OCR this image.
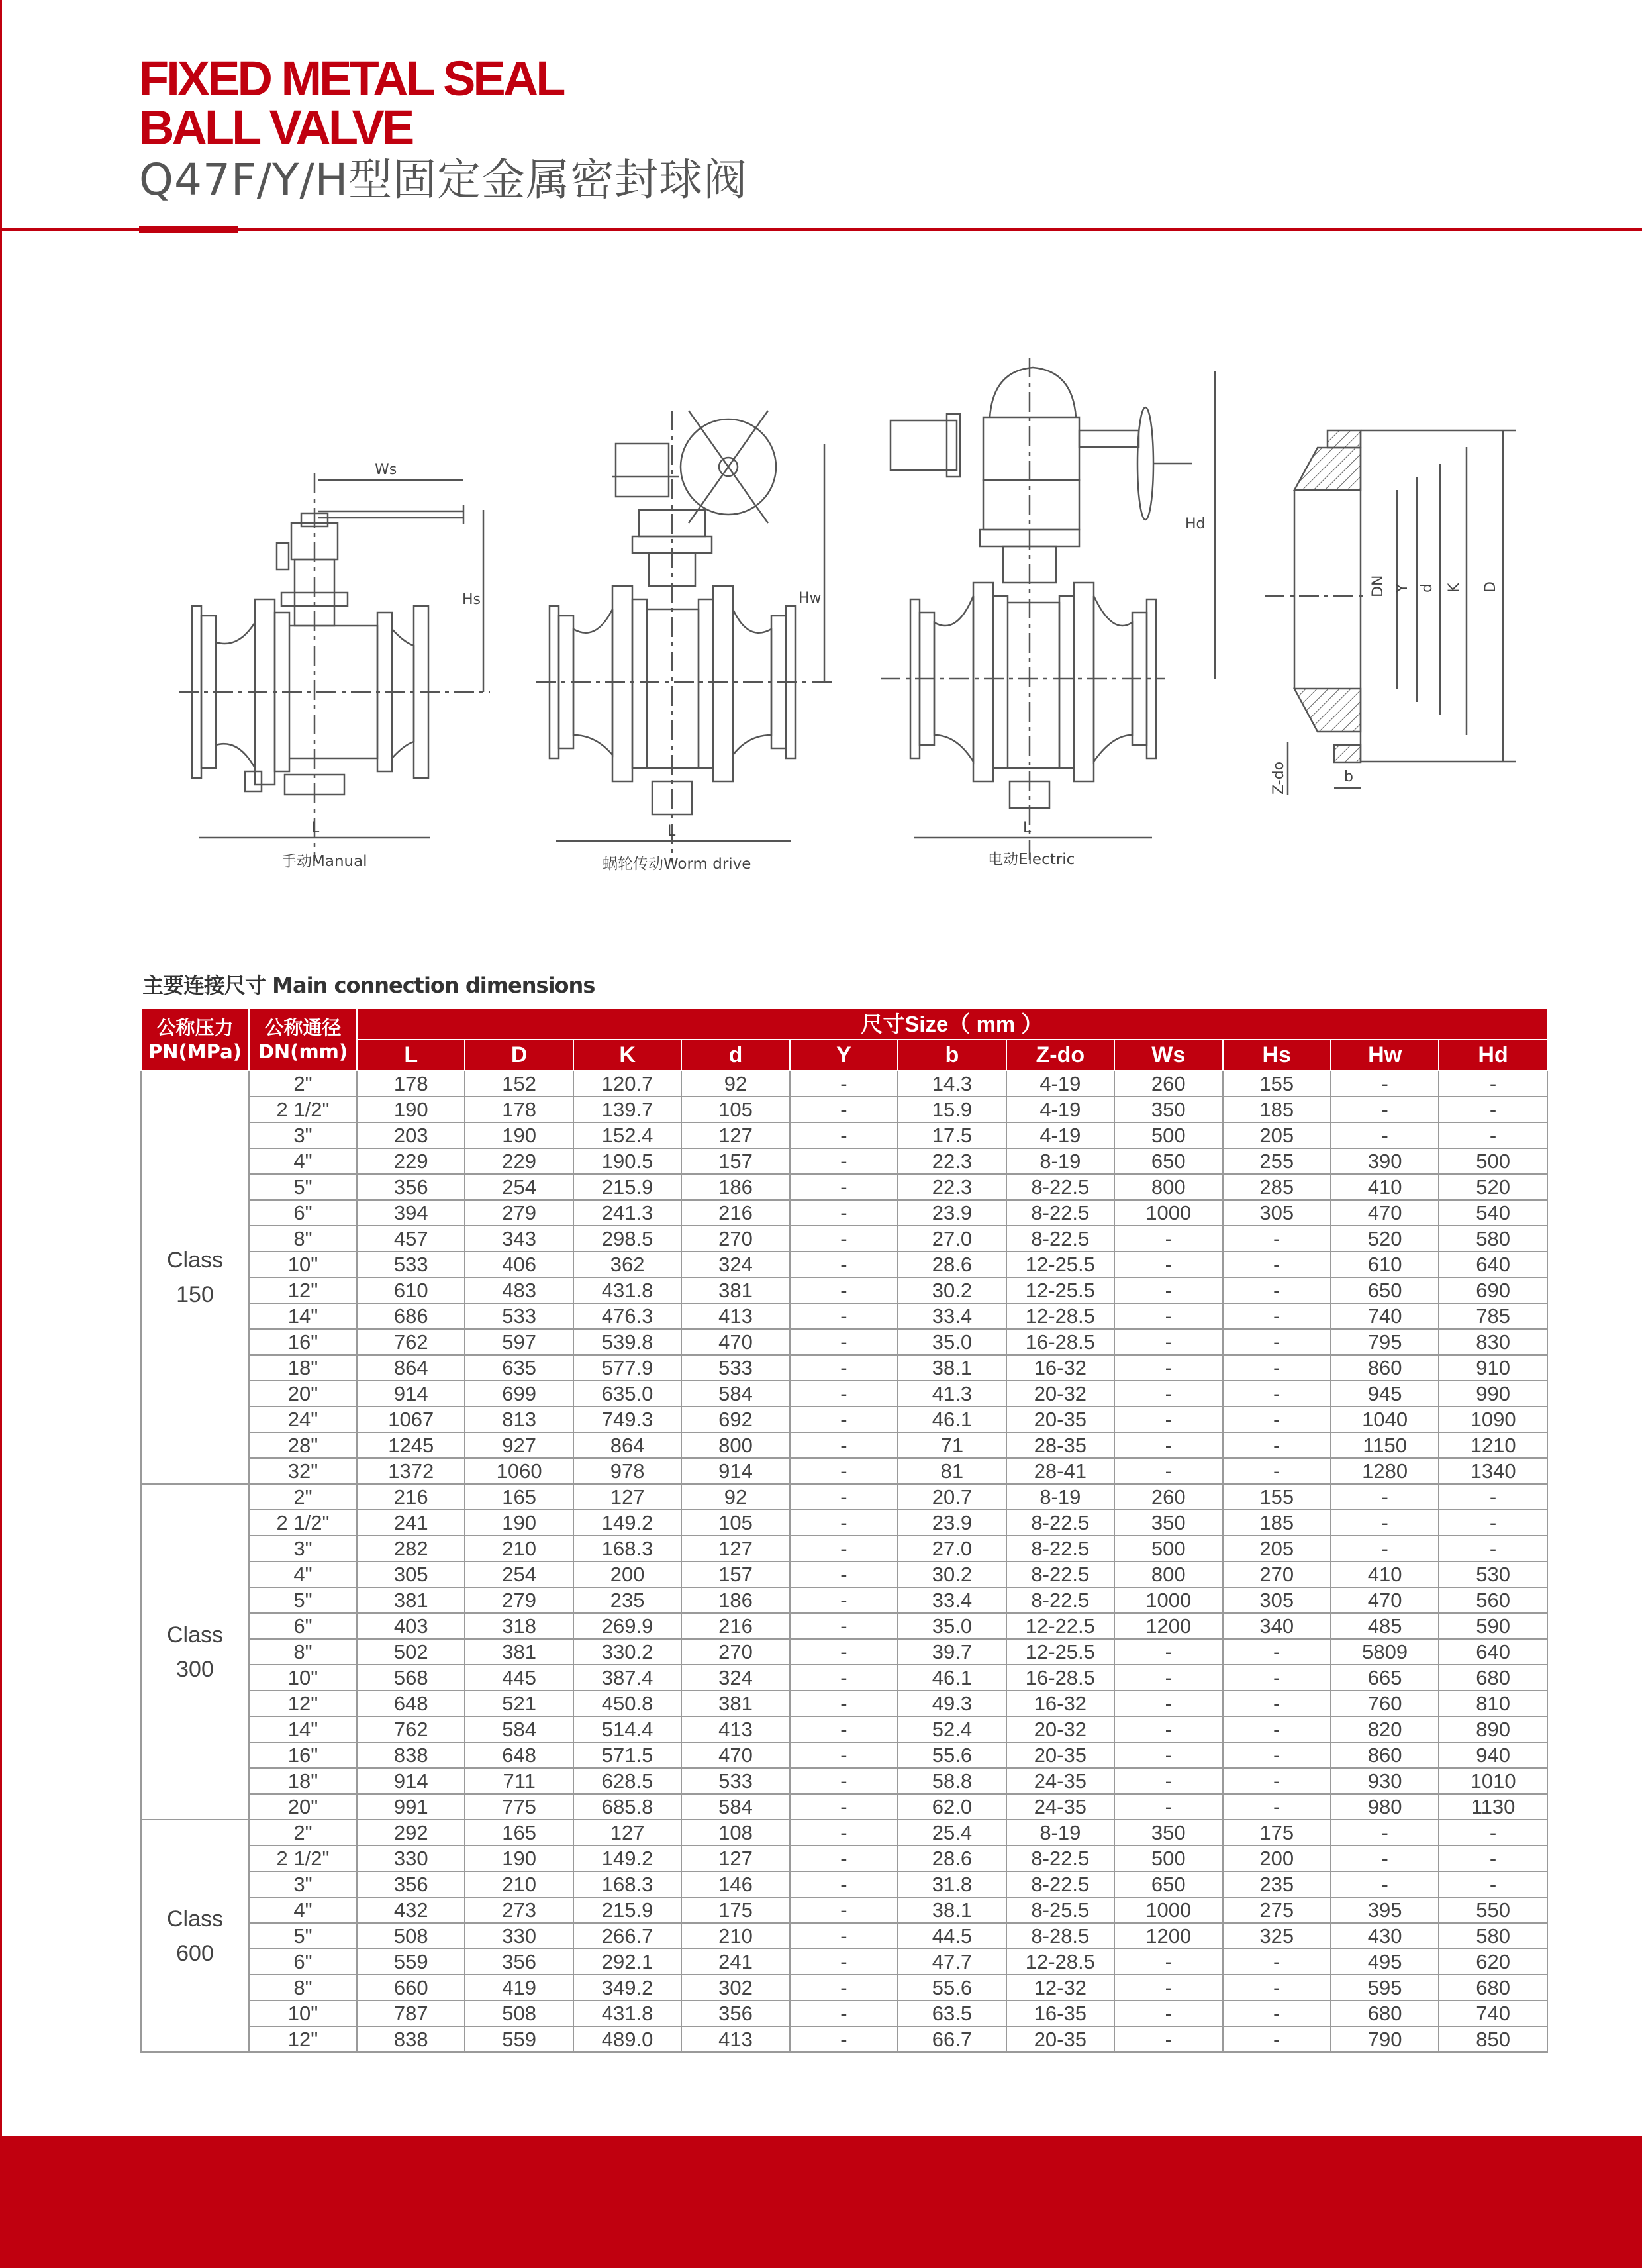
FIXED METAL SEAL
BALL VALVE
Q47F/Y/H型固定金属密封球阀
Ws
Hs
L
Hw
L
Hd
L
DN Y d K D
Z-do	b
手动Manual	蜗轮传动Worm drive	电动Electric
主要连接尺寸 Main connection dimensions
公称压力
PN(MPa)	公称通径
DN(mm)	尺寸Size（ mm ）										
		L	D	K	d	Y	b	Z-do	Ws	Hs	Hw	Hd
Class
150	2"	178	152	120.7	92	-	14.3	4-19	260	155	-	-
	2 1/2"	190	178	139.7	105	-	15.9	4-19	350	185	-	-
	3"	203	190	152.4	127	-	17.5	4-19	500	205	-	-
	4"	229	229	190.5	157	-	22.3	8-19	650	255	390	500
	5"	356	254	215.9	186	-	22.3	8-22.5	800	285	410	520
	6"	394	279	241.3	216	-	23.9	8-22.5	1000	305	470	540
	8"	457	343	298.5	270	-	27.0	8-22.5	-	-	520	580
	10"	533	406	362	324	-	28.6	12-25.5	-	-	610	640
	12"	610	483	431.8	381	-	30.2	12-25.5	-	-	650	690
	14"	686	533	476.3	413	-	33.4	12-28.5	-	-	740	785
	16"	762	597	539.8	470	-	35.0	16-28.5	-	-	795	830
	18"	864	635	577.9	533	-	38.1	16-32	-	-	860	910
	20"	914	699	635.0	584	-	41.3	20-32	-	-	945	990
	24"	1067	813	749.3	692	-	46.1	20-35	-	-	1040	1090
	28"	1245	927	864	800	-	71	28-35	-	-	1150	1210
	32"	1372	1060	978	914	-	81	28-41	-	-	1280	1340
Class
300	2"	216	165	127	92	-	20.7	8-19	260	155	-	-
	2 1/2"	241	190	149.2	105	-	23.9	8-22.5	350	185	-	-
	3"	282	210	168.3	127	-	27.0	8-22.5	500	205	-	-
	4"	305	254	200	157	-	30.2	8-22.5	800	270	410	530
	5"	381	279	235	186	-	33.4	8-22.5	1000	305	470	560
	6"	403	318	269.9	216	-	35.0	12-22.5	1200	340	485	590
	8"	502	381	330.2	270	-	39.7	12-25.5	-	-	5809	640
	10"	568	445	387.4	324	-	46.1	16-28.5	-	-	665	680
	12"	648	521	450.8	381	-	49.3	16-32	-	-	760	810
	14"	762	584	514.4	413	-	52.4	20-32	-	-	820	890
	16"	838	648	571.5	470	-	55.6	20-35	-	-	860	940
	18"	914	711	628.5	533	-	58.8	24-35	-	-	930	1010
	20"	991	775	685.8	584	-	62.0	24-35	-	-	980	1130
Class
600	2"	292	165	127	108	-	25.4	8-19	350	175	-	-
	2 1/2"	330	190	149.2	127	-	28.6	8-22.5	500	200	-	-
	3"	356	210	168.3	146	-	31.8	8-22.5	650	235	-	-
	4"	432	273	215.9	175	-	38.1	8-25.5	1000	275	395	550
	5"	508	330	266.7	210	-	44.5	8-28.5	1200	325	430	580
	6"	559	356	292.1	241	-	47.7	12-28.5	-	-	495	620
	8"	660	419	349.2	302	-	55.6	12-32	-	-	595	680
	10"	787	508	431.8	356	-	63.5	16-35	-	-	680	740
	12"	838	559	489.0	413	-	66.7	20-35	-	-	790	850
